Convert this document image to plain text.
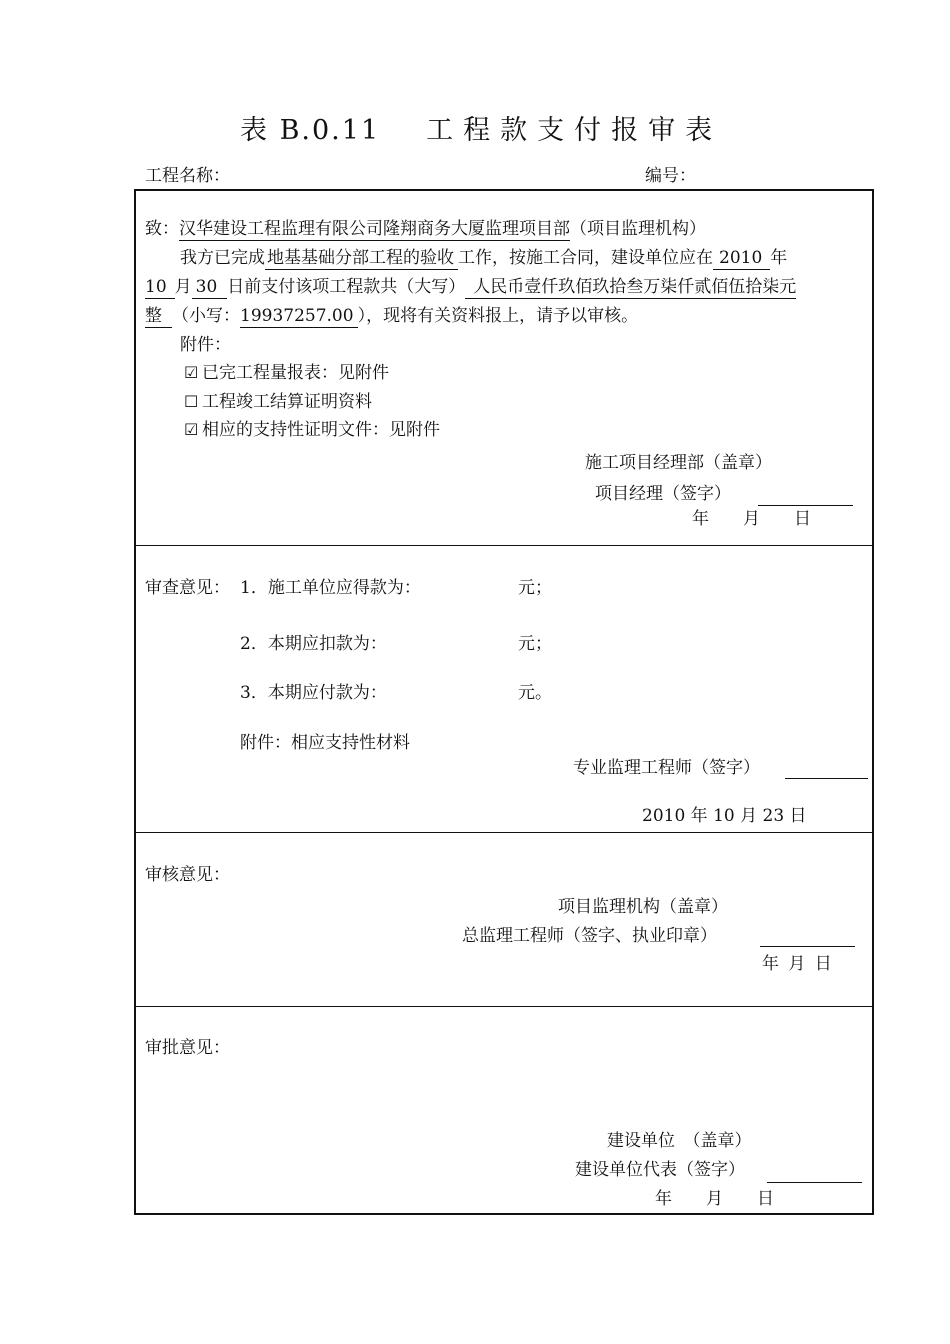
表 B.0.11 工程款支付报审表
工程名称：	编号：
致：汉华建设工程监理有限公司隆翔商务大厦监理项目部（项目监理机构）
我方已完成 地基基础分部工程的验收 工作，按施工合同，建设单位应在 2010 年
10 月 30 日前支付该项工程款共（大写） 人民币壹仟玖佰玖拾叁万柒仟贰佰伍拾柒元
整 （小写：19937257.00 ），现将有关资料报上，请予以审核。
附件：
☑ 已完工程量报表：见附件
☐ 工程竣工结算证明资料
☑ 相应的支持性证明文件：见附件
施工项目经理部（盖章）
项目经理（签字）
年　　月　　日
审查意见： 1．施工单位应得款为：	元；
2．本期应扣款为：	元；
3．本期应付款为：	元。
附件：相应支持性材料
专业监理工程师（签字）
2010 年 10 月 23 日
审核意见：
项目监理机构（盖章）
总监理工程师（签字、执业印章）
年 月 日
审批意见：
建设单位　（盖章）
建设单位代表（签字）
年　　月　　日
